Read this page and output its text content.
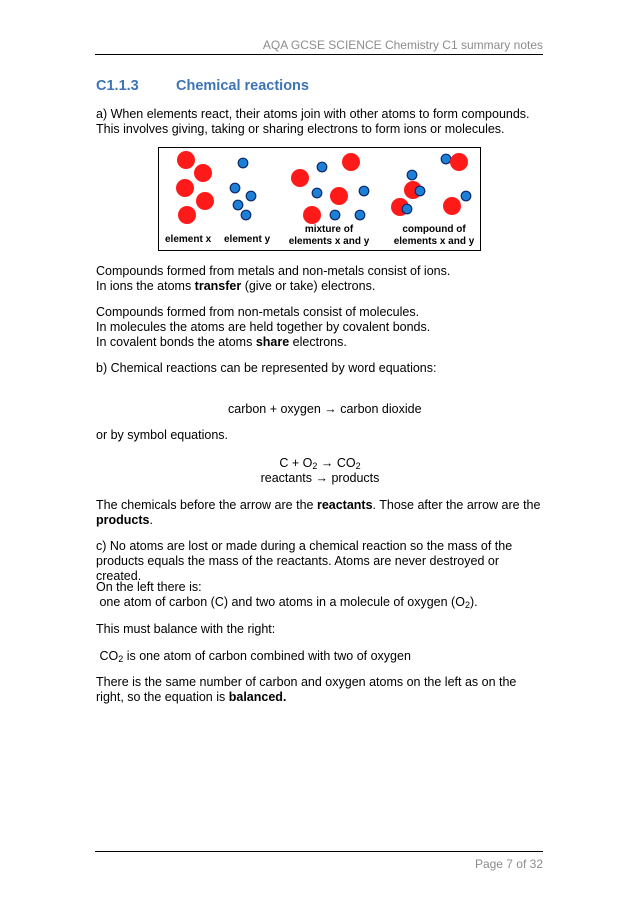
AQA GCSE SCIENCE Chemistry C1 summary notes
C1.1.3	Chemical reactions

a) When elements react, their atoms join with other atoms to form compounds. This involves giving, taking or sharing electrons to form ions or molecules.

element x element y
mixture of
elements x and y
compound of
elements x and y

Compounds formed from metals and non-metals consist of ions.

In ions the atoms transfer (give or take) electrons.

Compounds formed from non-metals consist of molecules.

In molecules the atoms are held together by covalent bonds.

In covalent bonds the atoms share electrons.

b) Chemical reactions can be represented by word equations:

carbon + oxygen → carbon dioxide

or by symbol equations.

$C + O_2 \to CO_2$

reactants → products

The chemicals before the arrow are the reactants. Those after the arrow are the products.

c) No atoms are lost or made during a chemical reaction so the mass of the products equals the mass of the reactants. Atoms are never destroyed or created.

On the left there is:

one atom of carbon (C) and two atoms in a molecule of oxygen $(O_2)$.

This must balance with the right:

$CO_2$ is one atom of carbon combined with two of oxygen

There is the same number of carbon and oxygen atoms on the left as on the right, so the equation is balanced.

Page 7 of 32
